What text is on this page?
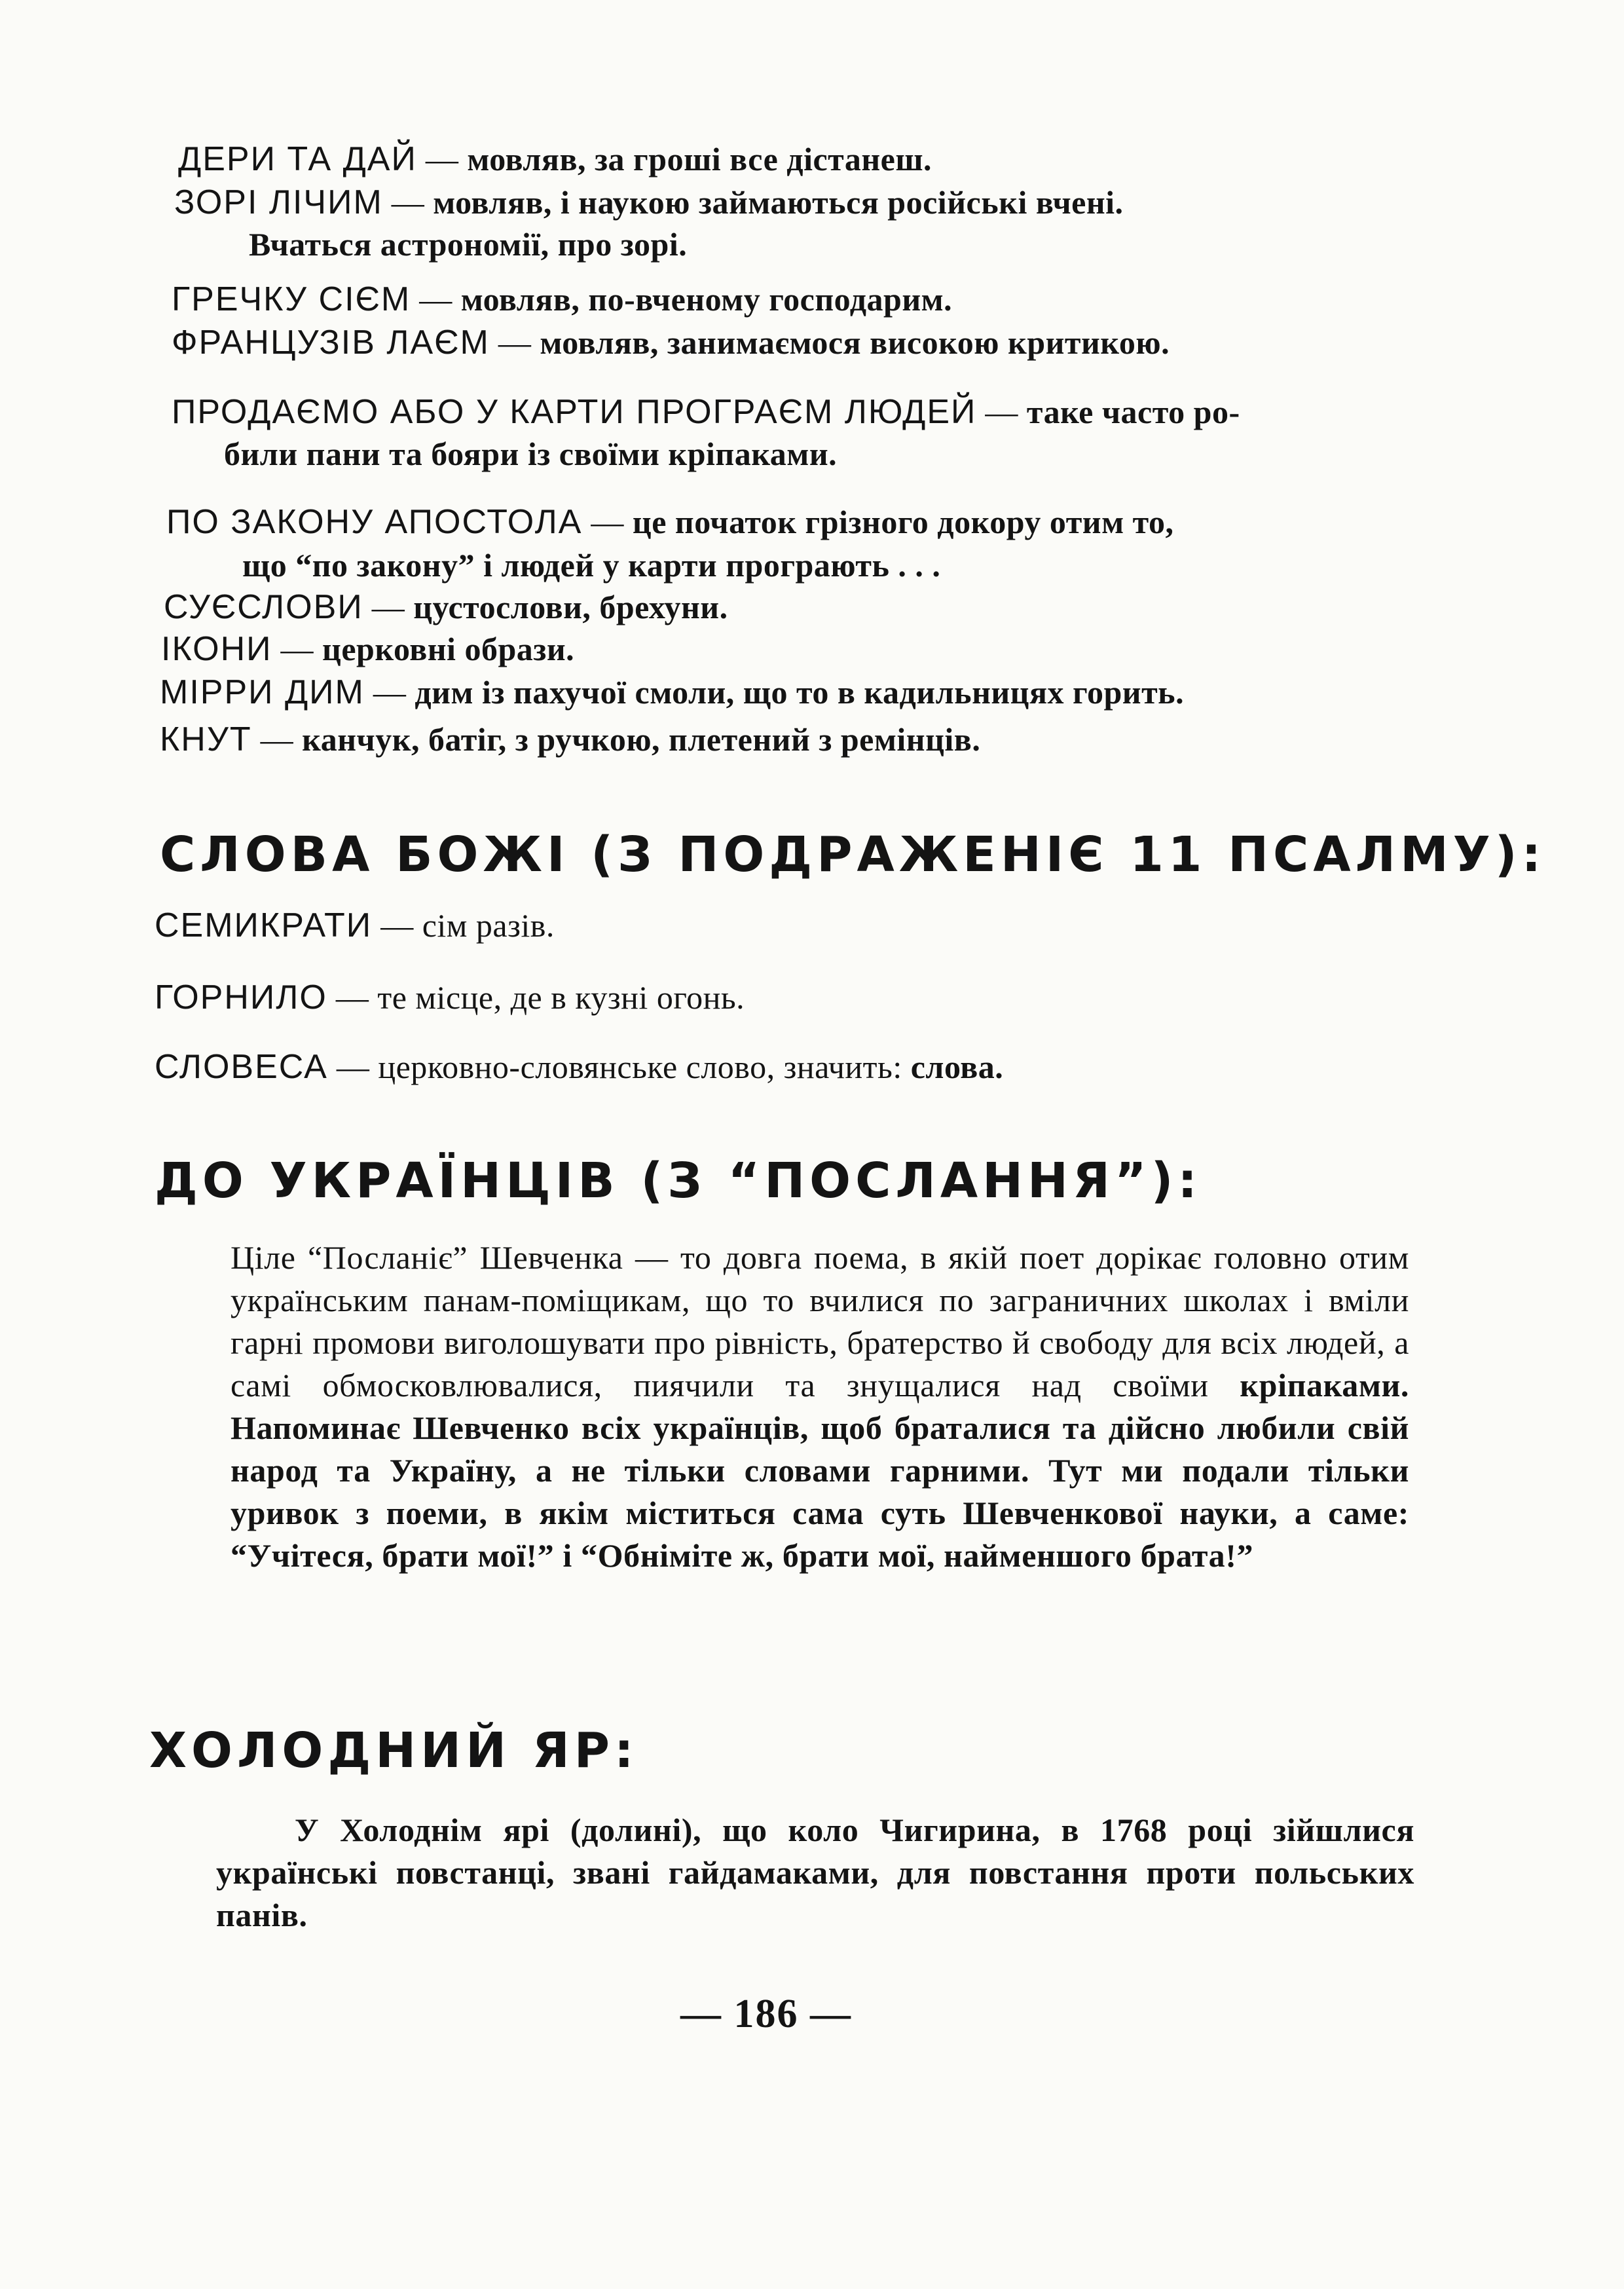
ДЕРИ ТА ДАЙ — мовляв, за гроші все дістанеш.

ЗОРІ ЛІЧИМ — мовляв, і наукою займаються російські вчені.

Вчаться астрономії, про зорі.

ГРЕЧКУ СІЄМ — мовляв, по-вченому господарим.

ФРАНЦУЗІВ ЛАЄМ — мовляв, занимаємося високою критикою.

ПРОДАЄМО АБО У КАРТИ ПРОГРАЄМ ЛЮДЕЙ — таке часто ро-

били пани та бояри із своїми кріпаками.

ПО ЗАКОНУ АПОСТОЛА — це початок грізного докору отим то,

що “по закону” і людей у карти програють . . .

СУЄСЛОВИ — цустослови, брехуни.

ІКОНИ — церковні образи.

МІРРИ ДИМ — дим із пахучої смоли, що то в кадильницях горить.

КНУТ — канчук, батіг, з ручкою, плетений з ремінців.

СЛОВА БОЖІ (З ПОДРАЖЕНІЄ 11 ПСАЛМУ):

СЕМИКРАТИ — сім разів.

ГОРНИЛО — те місце, де в кузні огонь.

СЛОВЕСА — церковно-словянське слово, значить: слова.

ДО УКРАЇНЦІВ (З “ПОСЛАННЯ”):

Ціле “Посланіє” Шевченка — то довга поема, в якій поет дорікає головно отим українським панам-поміщикам, що то вчилися по заграничних школах і вміли гарні промови виголошувати про рівність, братерство й свободу для всіх людей, а самі обмосковлювалися, пиячили та знущалися над своїми кріпаками. Напоминає Шевченко всіх українців, щоб браталися та дійсно любили свій народ та Україну, а не тільки словами гарними. Тут ми подали тільки уривок з поеми, в якім міститься сама суть Шевченкової науки, а саме: “Учітеся, брати мої!” і “Обніміте ж, брати мої, найменшого брата!”

ХОЛОДНИЙ ЯР:

У Холоднім ярі (долині), що коло Чигирина, в 1768 році зійшлися українські повстанці, звані гайдамаками, для повстання проти польських панів.

— 186 —
